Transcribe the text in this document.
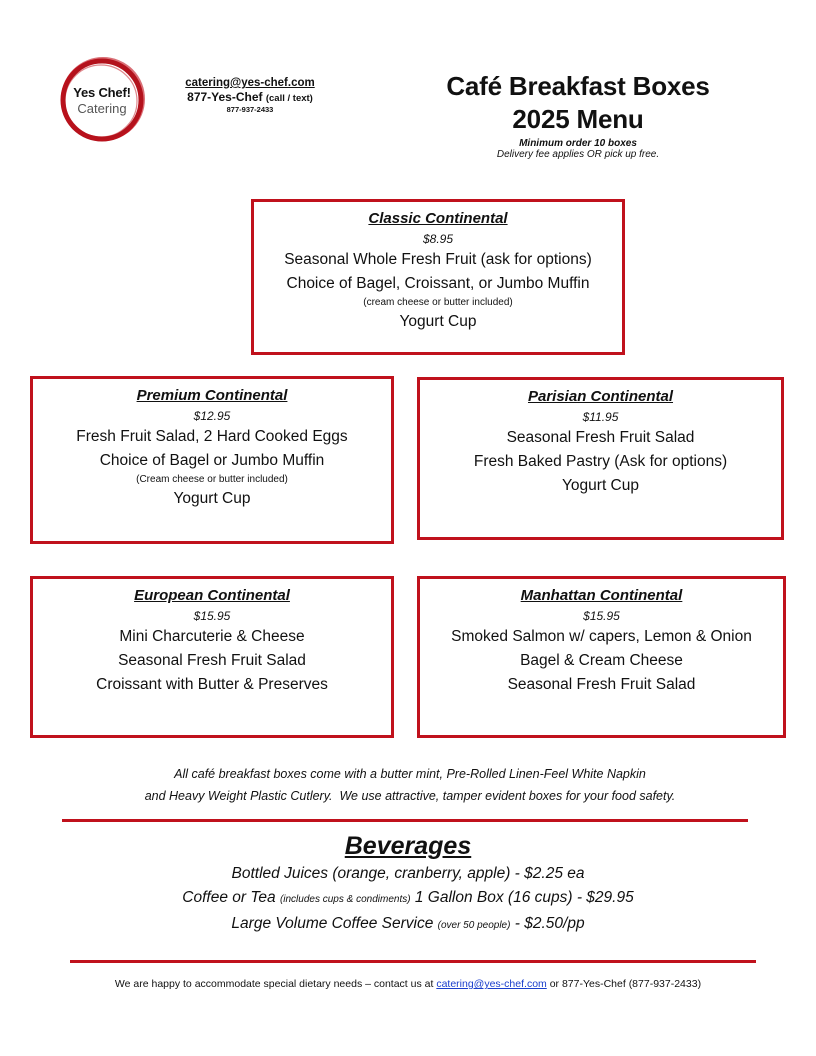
Yes Chef!
Catering
catering@yes-chef.com
877-Yes-Chef (call / text)
877-937-2433
Café Breakfast Boxes
2025 Menu
Minimum order 10 boxes
Delivery fee applies OR pick up free.
Classic Continental
$8.95
Seasonal Whole Fresh Fruit (ask for options)
Choice of Bagel, Croissant, or Jumbo Muffin
(cream cheese or butter included)
Yogurt Cup
Premium Continental
$12.95
Fresh Fruit Salad, 2 Hard Cooked Eggs
Choice of Bagel or Jumbo Muffin
(Cream cheese or butter included)
Yogurt Cup
Parisian Continental
$11.95
Seasonal Fresh Fruit Salad
Fresh Baked Pastry (Ask for options)
Yogurt Cup
European Continental
$15.95
Mini Charcuterie & Cheese
Seasonal Fresh Fruit Salad
Croissant with Butter & Preserves
Manhattan Continental
$15.95
Smoked Salmon w/ capers, Lemon & Onion
Bagel & Cream Cheese
Seasonal Fresh Fruit Salad
All café breakfast boxes come with a butter mint, Pre-Rolled Linen-Feel White Napkin
and Heavy Weight Plastic Cutlery.  We use attractive, tamper evident boxes for your food safety.
Beverages
Bottled Juices (orange, cranberry, apple) - $2.25 ea
Coffee or Tea (includes cups & condiments) 1 Gallon Box (16 cups) - $29.95
Large Volume Coffee Service (over 50 people) - $2.50/pp
We are happy to accommodate special dietary needs – contact us at catering@yes-chef.com or 877-Yes-Chef (877-937-2433)
